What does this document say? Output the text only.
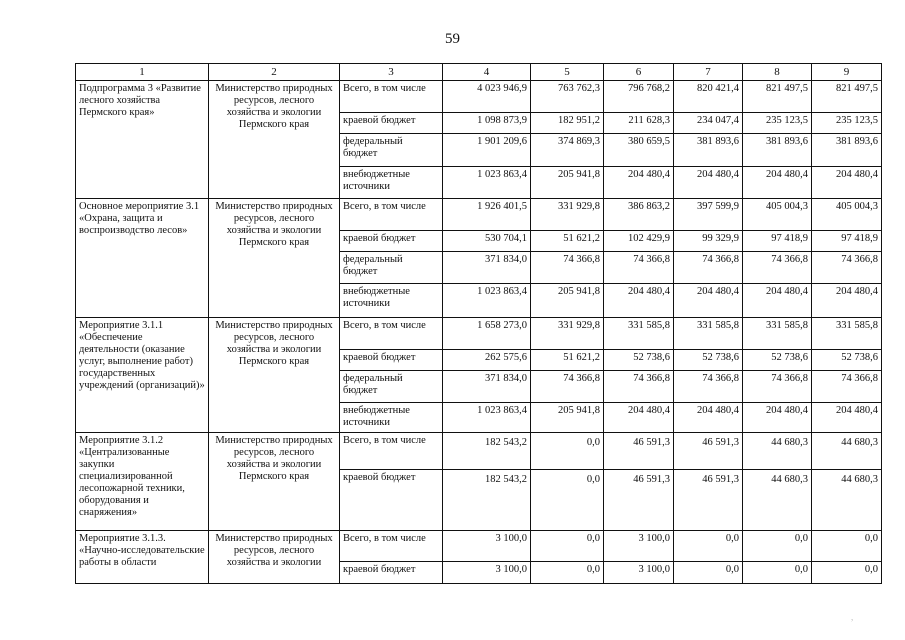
59
1	2	3	4	5	6	7	8	9
Подпрограмма 3 «Развитие лесного хозяйства Пермского края»	Министерство природных ресурсов, лесного хозяйства и экологии Пермского края	Всего, в том числе	4 023 946,9	763 762,3	796 768,2	820 421,4	821 497,5	821 497,5
		краевой бюджет	1 098 873,9	182 951,2	211 628,3	234 047,4	235 123,5	235 123,5
		федеральный бюджет	1 901 209,6	374 869,3	380 659,5	381 893,6	381 893,6	381 893,6
		внебюджетные источники	1 023 863,4	205 941,8	204 480,4	204 480,4	204 480,4	204 480,4
Основное мероприятие 3.1 «Охрана, защита и воспроизводство лесов»	Министерство природных ресурсов, лесного хозяйства и экологии Пермского края	Всего, в том числе	1 926 401,5	331 929,8	386 863,2	397 599,9	405 004,3	405 004,3
		краевой бюджет	530 704,1	51 621,2	102 429,9	99 329,9	97 418,9	97 418,9
		федеральный бюджет	371 834,0	74 366,8	74 366,8	74 366,8	74 366,8	74 366,8
		внебюджетные источники	1 023 863,4	205 941,8	204 480,4	204 480,4	204 480,4	204 480,4
Мероприятие 3.1.1 «Обеспечение деятельности (оказание услуг, выполнение работ) государственных учреждений (организаций)»	Министерство природных ресурсов, лесного хозяйства и экологии Пермского края	Всего, в том числе	1 658 273,0	331 929,8	331 585,8	331 585,8	331 585,8	331 585,8
		краевой бюджет	262 575,6	51 621,2	52 738,6	52 738,6	52 738,6	52 738,6
		федеральный бюджет	371 834,0	74 366,8	74 366,8	74 366,8	74 366,8	74 366,8
		внебюджетные источники	1 023 863,4	205 941,8	204 480,4	204 480,4	204 480,4	204 480,4
Мероприятие 3.1.2 «Централизованные закупки специализированной лесопожарной техники, оборудования и снаряжения»	Министерство природных ресурсов, лесного хозяйства и экологии Пермского края	Всего, в том числе	182 543,2	0,0	46 591,3	46 591,3	44 680,3	44 680,3
		краевой бюджет	182 543,2	0,0	46 591,3	46 591,3	44 680,3	44 680,3
Мероприятие 3.1.3. «Научно-исследовательские работы в области	Министерство природных ресурсов, лесного хозяйства и экологии	Всего, в том числе	3 100,0	0,0	3 100,0	0,0	0,0	0,0
		краевой бюджет	3 100,0	0,0	3 100,0	0,0	0,0	0,0
,
